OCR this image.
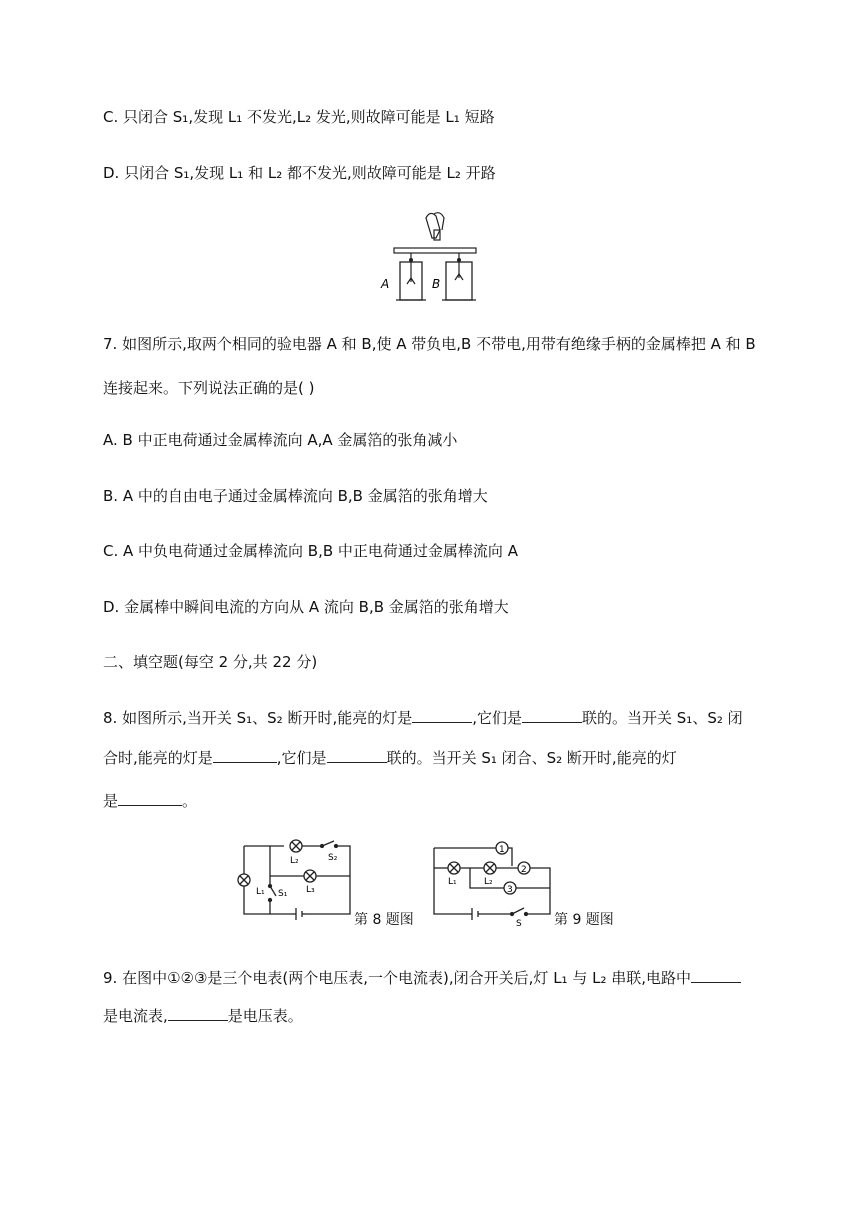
C. 只闭合 S₁,发现 L₁ 不发光,L₂ 发光,则故障可能是 L₁ 短路
D. 只闭合 S₁,发现 L₁ 和 L₂ 都不发光,则故障可能是 L₂ 开路
A	B
7. 如图所示,取两个相同的验电器 A 和 B,使 A 带负电,B 不带电,用带有绝缘手柄的金属棒把 A 和 B
连接起来。下列说法正确的是( )
A. B 中正电荷通过金属棒流向 A,A 金属箔的张角减小
B. A 中的自由电子通过金属棒流向 B,B 金属箔的张角增大
C. A 中负电荷通过金属棒流向 B,B 中正电荷通过金属棒流向 A
D. 金属棒中瞬间电流的方向从 A 流向 B,B 金属箔的张角增大
二、填空题(每空 2 分,共 22 分)
8. 如图所示,当开关 S₁、S₂ 断开时,能亮的灯是	,它们是	联的。当开关 S₁、S₂ 闭
合时,能亮的灯是	,它们是	联的。当开关 S₁ 闭合、S₂ 断开时,能亮的灯
是	。
L₂	S₂
L₁ S₁ L₃
第 8 题图
1
2
3
L₁	L₂
S 第 9 题图
9. 在图中①②③是三个电表(两个电压表,一个电流表),闭合开关后,灯 L₁ 与 L₂ 串联,电路中
是电流表,	是电压表。
